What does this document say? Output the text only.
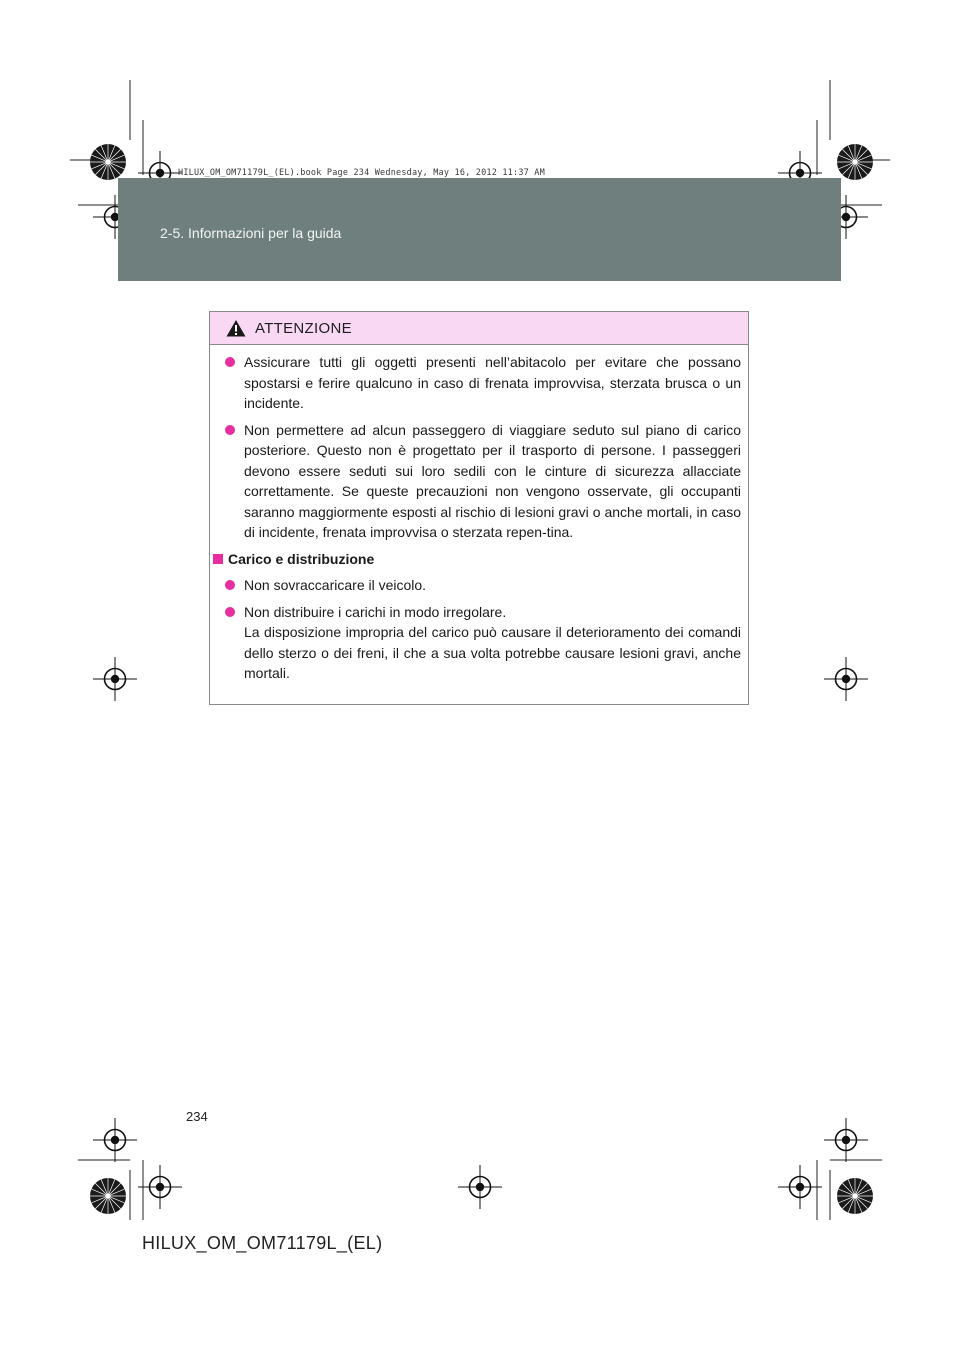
HILUX_OM_OM71179L_(EL).book Page 234 Wednesday, May 16, 2012 11:37 AM
2-5. Informazioni per la guida
ATTENZIONE
Assicurare tutti gli oggetti presenti nell’abitacolo per evitare che possano spostarsi e ferire qualcuno in caso di frenata improvvisa, sterzata brusca o un incidente.
Non permettere ad alcun passeggero di viaggiare seduto sul piano di carico posteriore. Questo non è progettato per il trasporto di persone. I passeggeri devono essere seduti sui loro sedili con le cinture di sicurezza allacciate correttamente. Se queste precauzioni non vengono osservate, gli occupanti saranno maggiormente esposti al rischio di lesioni gravi o anche mortali, in caso di incidente, frenata improvvisa o sterzata repen-tina.
Carico e distribuzione
Non sovraccaricare il veicolo.
Non distribuire i carichi in modo irregolare.
La disposizione impropria del carico può causare il deterioramento dei comandi dello sterzo o dei freni, il che a sua volta potrebbe causare lesioni gravi, anche mortali.
234
HILUX_OM_OM71179L_(EL)
